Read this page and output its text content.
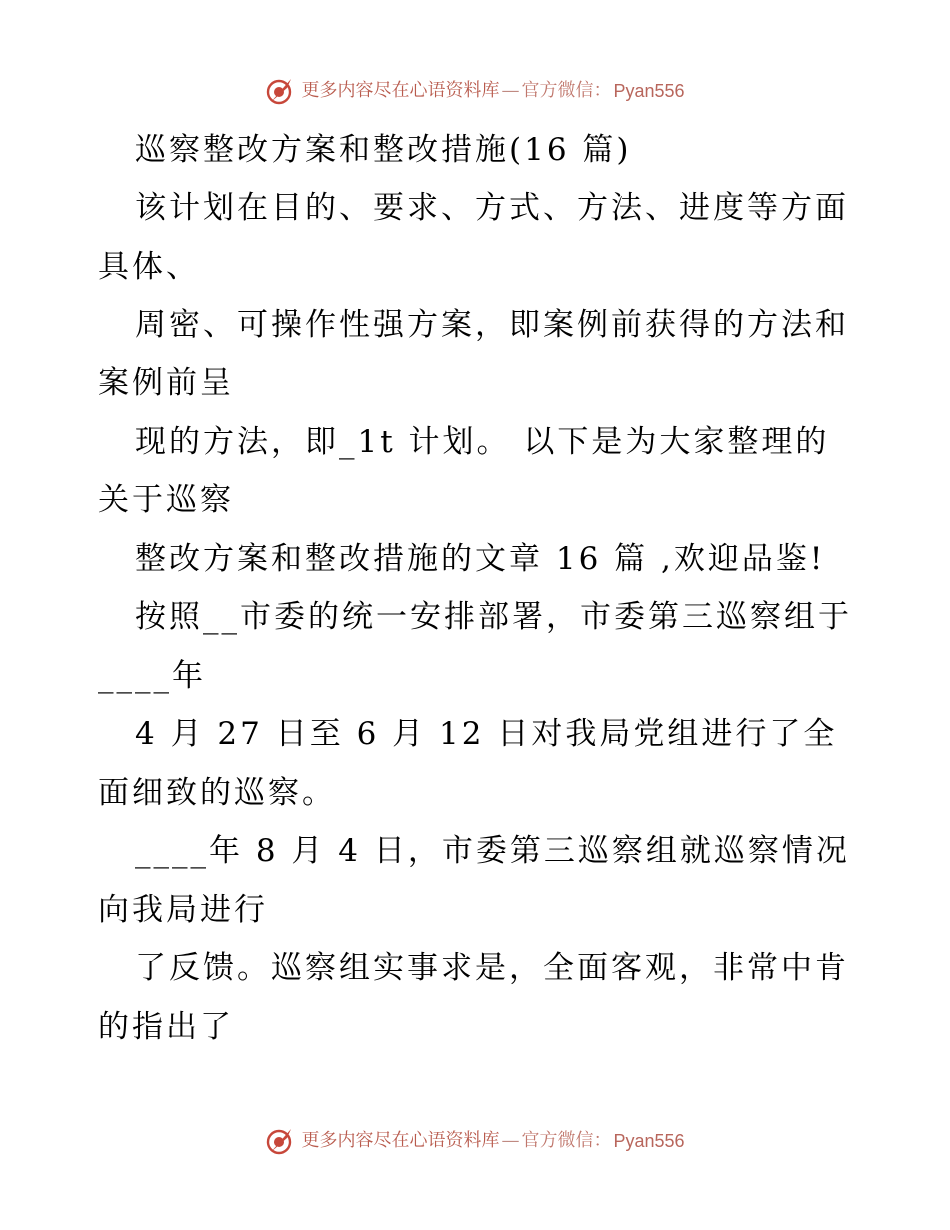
更多内容尽在心语资料库 — 官方微信： Pyan556
巡察整改方案和整改措施(16 篇)
该计划在目的、要求、方式、方法、进度等方面
具体、
周密、可操作性强方案，即案例前获得的方法和
案例前呈
现的方法，即_1t 计划。 以下是为大家整理的
关于巡察
整改方案和整改措施的文章 16 篇 ,欢迎品鉴!
按照__市委的统一安排部署，市委第三巡察组于
____年
4 月 27 日至 6 月 12 日对我局党组进行了全
面细致的巡察。
____年 8 月 4 日，市委第三巡察组就巡察情况
向我局进行
了反馈。巡察组实事求是，全面客观，非常中肯
的指出了
更多内容尽在心语资料库 — 官方微信： Pyan556
